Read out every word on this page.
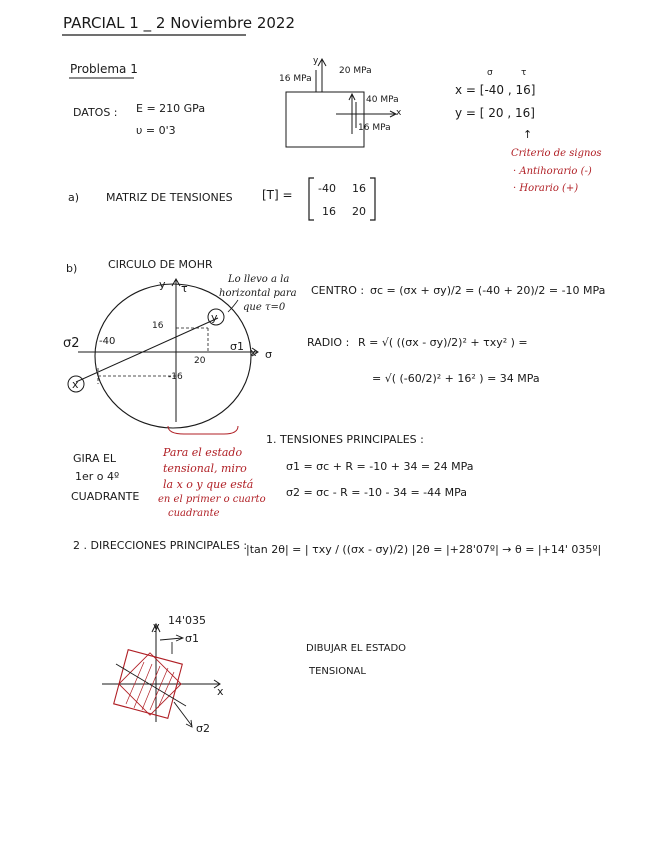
PARCIAL 1 _ 2 Noviembre 2022
Problema 1
DATOS : E = 210 GPa
υ = 0'3
20 MPa
16 MPa
40 MPa
16 MPa
x
y
σ	τ
x = [-40 , 16]
y = [ 20 , 16]
↑
Criterio de signos
· Antihorario (-)
· Horario (+)
a) MATRIZ DE TENSIONES [T] = -40 16
16 20
b)	CIRCULO DE MOHR
τ
y
σ
x
y
x
σ1
σ2 -40
16
20
-16
Lo llevo a la
horizontal para
que τ=0
CENTRO : σc = (σx + σy)/2 = (-40 + 20)/2 = -10 MPa
RADIO : R = √( ((σx - σy)/2)² + τxy² ) =
= √( (-60/2)² + 16² ) = 34 MPa
1. TENSIONES PRINCIPALES :
σ1 = σc + R = -10 + 34 = 24 MPa
σ2 = σc - R = -10 - 34 = -44 MPa
GIRA EL
1er o 4º
CUADRANTE
Para el estado
tensional, miro
la x o y que está
en el primer o cuarto
cuadrante
2 . DIRECCIONES PRINCIPALES :
|tan 2θ| = | τxy / ((σx - σy)/2) | 2θ = |+28'07º| → θ = |+14' 035º|
14'035
σ1
σ2
y
x
DIBUJAR EL ESTADO
TENSIONAL
